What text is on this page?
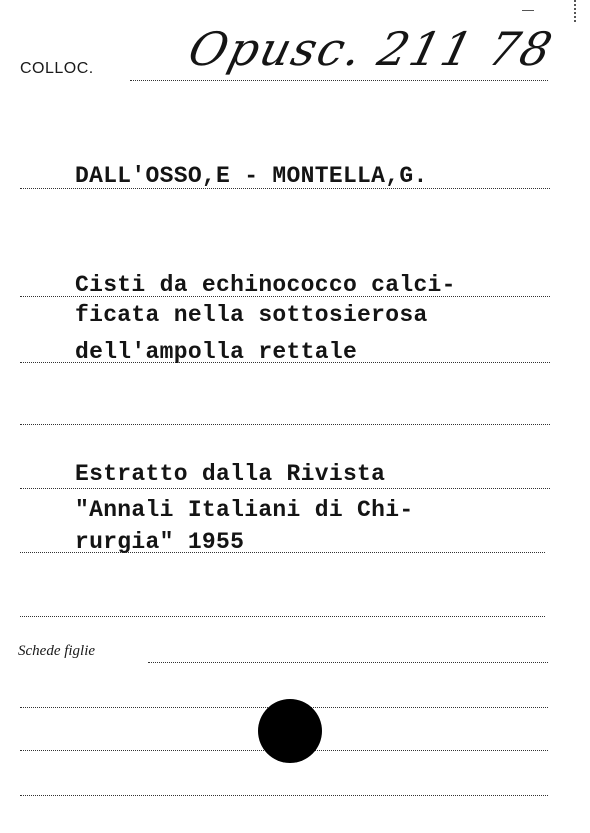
COLLOC. Opusc. 211 78
DALL'OSSO,E - MONTELLA,G.
Cisti da echinococco calci-
ficata nella sottosierosa
dell'ampolla rettale
Estratto dalla Rivista
"Annali Italiani di Chi-
rurgia" 1955
Schede figlie
